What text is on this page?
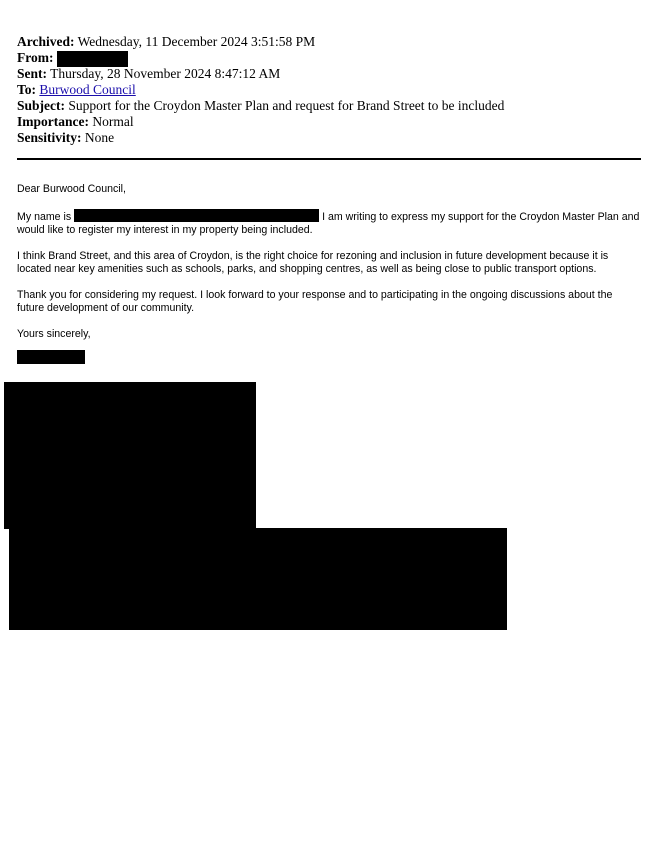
Archived: Wednesday, 11 December 2024 3:51:58 PM
From:
Sent: Thursday, 28 November 2024 8:47:12 AM
To: Burwood Council
Subject: Support for the Croydon Master Plan and request for Brand Street to be included
Importance: Normal
Sensitivity: None

Dear Burwood Council,

My name is	I am writing to express my support for the Croydon Master Plan and
would like to register my interest in my property being included.

I think Brand Street, and this area of Croydon, is the right choice for rezoning and inclusion in future development because it is located near key amenities such as schools, parks, and shopping centres, as well as being close to public transport options.

Thank you for considering my request. I look forward to your response and to participating in the ongoing discussions about the future development of our community.

Yours sincerely,
